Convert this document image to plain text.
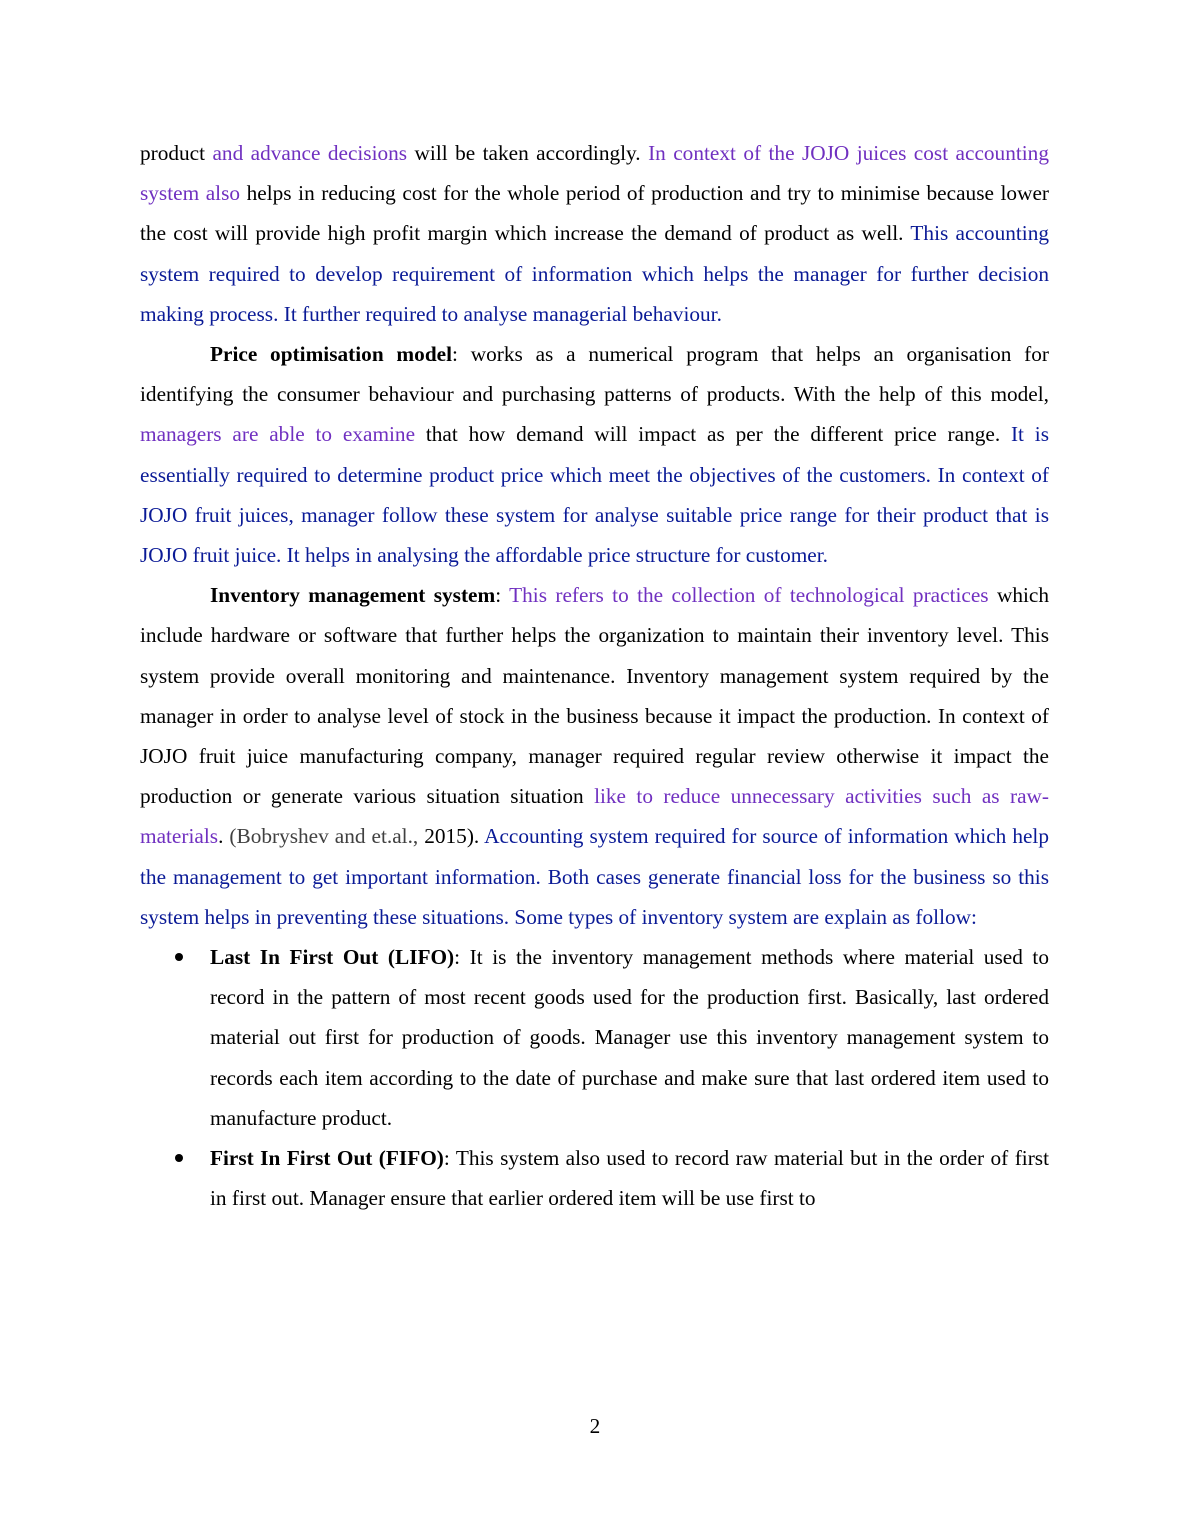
product and advance decisions will be taken accordingly. In context of the JOJO juices cost accounting system also helps in reducing cost for the whole period of production and try to minimise because lower the cost will provide high profit margin which increase the demand of product as well. This accounting system required to develop requirement of information which helps the manager for further decision making process. It further required to analyse managerial behaviour.

Price optimisation model: works as a numerical program that helps an organisation for identifying the consumer behaviour and purchasing patterns of products. With the help of this model, managers are able to examine that how demand will impact as per the different price range. It is essentially required to determine product price which meet the objectives of the customers. In context of JOJO fruit juices, manager follow these system for analyse suitable price range for their product that is JOJO fruit juice. It helps in analysing the affordable price structure for customer.

Inventory management system: This refers to the collection of technological practices which include hardware or software that further helps the organization to maintain their inventory level. This system provide overall monitoring and maintenance. Inventory management system required by the manager in order to analyse level of stock in the business because it impact the production. In context of JOJO fruit juice manufacturing company, manager required regular review otherwise it impact the production or generate various situation situation like to reduce unnecessary activities such as raw-materials. (Bobryshev and et.al., 2015). Accounting system required for source of information which help the management to get important information. Both cases generate financial loss for the business so this system helps in preventing these situations. Some types of inventory system are explain as follow:

Last In First Out (LIFO): It is the inventory management methods where material used to record in the pattern of most recent goods used for the production first. Basically, last ordered material out first for production of goods. Manager use this inventory management system to records each item according to the date of purchase and make sure that last ordered item used to manufacture product.
First In First Out (FIFO): This system also used to record raw material but in the order of first in first out. Manager ensure that earlier ordered item will be use first to
2
